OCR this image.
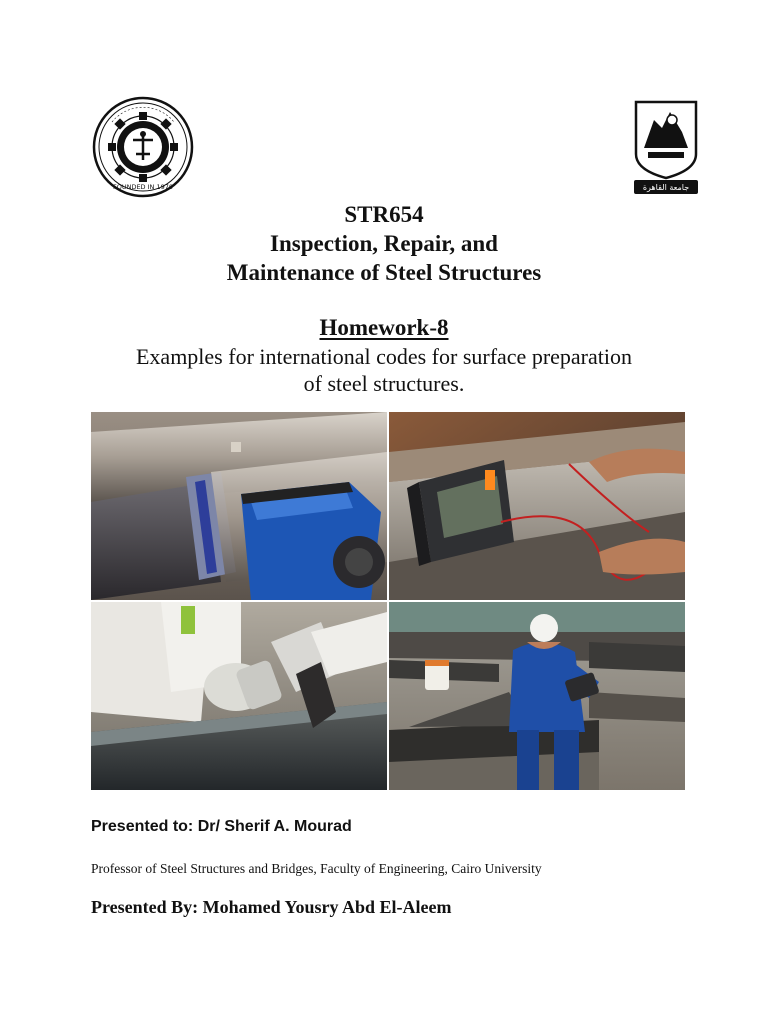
FOUNDED IN 1970	جامعة القاهرة
STR654
Inspection, Repair, and
Maintenance of Steel Structures
Homework-8
Examples for international codes for surface preparation
of steel structures.
Presented to: Dr/ Sherif A. Mourad
Professor of Steel Structures and Bridges, Faculty of Engineering, Cairo University
Presented By: Mohamed Yousry Abd El-Aleem
